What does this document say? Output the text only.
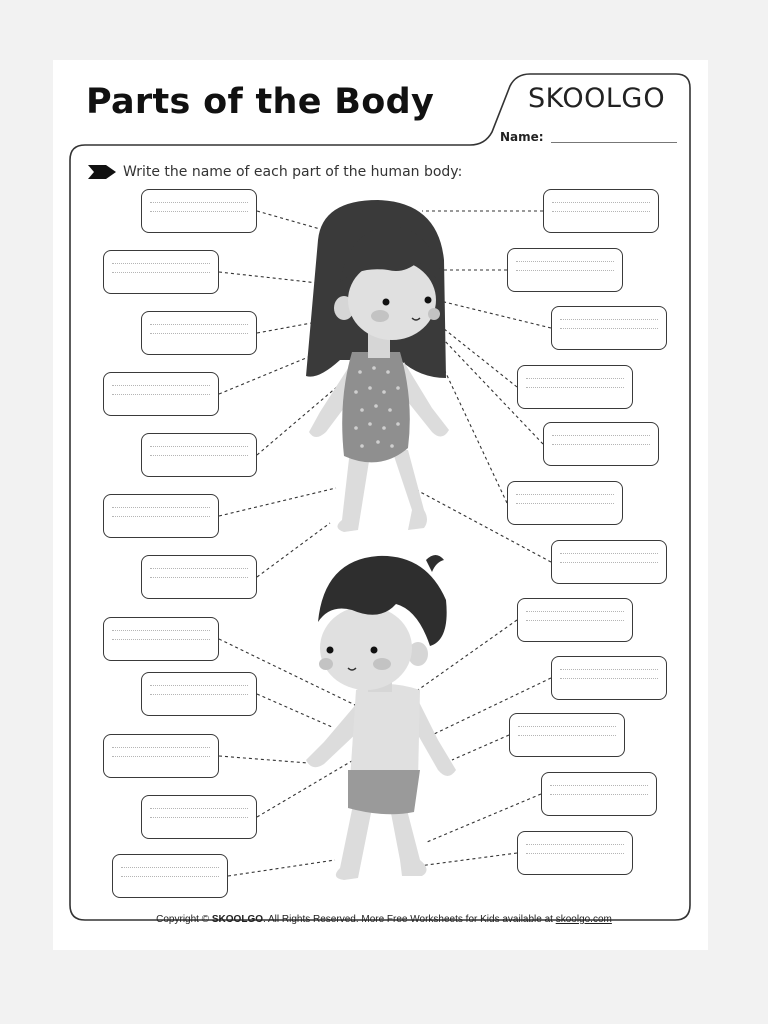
Parts of the Body	SKOOLGO
Name:
Write the name of each part of the human body:
Copyright © SKOOLGO. All Rights Reserved. More Free Worksheets for Kids available at skoolgo.com
